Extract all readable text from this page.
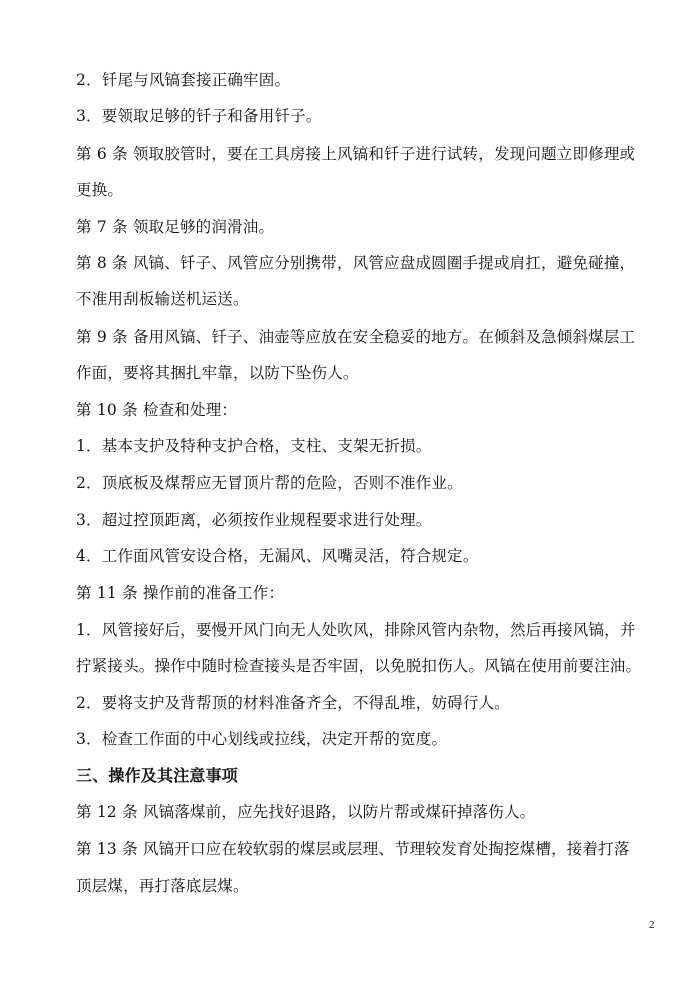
2．钎尾与风镐套接正确牢固。
3．要领取足够的钎子和备用钎子。
第 6 条 领取胶管时，要在工具房接上风镐和钎子进行试转，发现问题立即修理或
更换。
第 7 条 领取足够的润滑油。
第 8 条 风镐、钎子、风管应分别携带，风管应盘成圆圈手提或肩扛，避免碰撞，
不准用刮板输送机运送。
第 9 条 备用风镐、钎子、油壶等应放在安全稳妥的地方。在倾斜及急倾斜煤层工
作面，要将其捆扎牢靠，以防下坠伤人。
第 10 条 检查和处理：
1．基本支护及特种支护合格，支柱、支架无折损。
2．顶底板及煤帮应无冒顶片帮的危险，否则不准作业。
3．超过控顶距离，必须按作业规程要求进行处理。
4．工作面风管安设合格，无漏风、风嘴灵活，符合规定。
第 11 条 操作前的准备工作：
1．风管接好后，要慢开风门向无人处吹风，排除风管内杂物，然后再接风镐，并
拧紧接头。操作中随时检查接头是否牢固，以免脱扣伤人。风镐在使用前要注油。
2．要将支护及背帮顶的材料准备齐全，不得乱堆，妨碍行人。
3．检查工作面的中心划线或拉线，决定开帮的宽度。
三、操作及其注意事项
第 12 条 风镐落煤前，应先找好退路，以防片帮或煤矸掉落伤人。
第 13 条 风镐开口应在较软弱的煤层或层理、节理较发育处掏挖煤槽，接着打落
顶层煤，再打落底层煤。
2
